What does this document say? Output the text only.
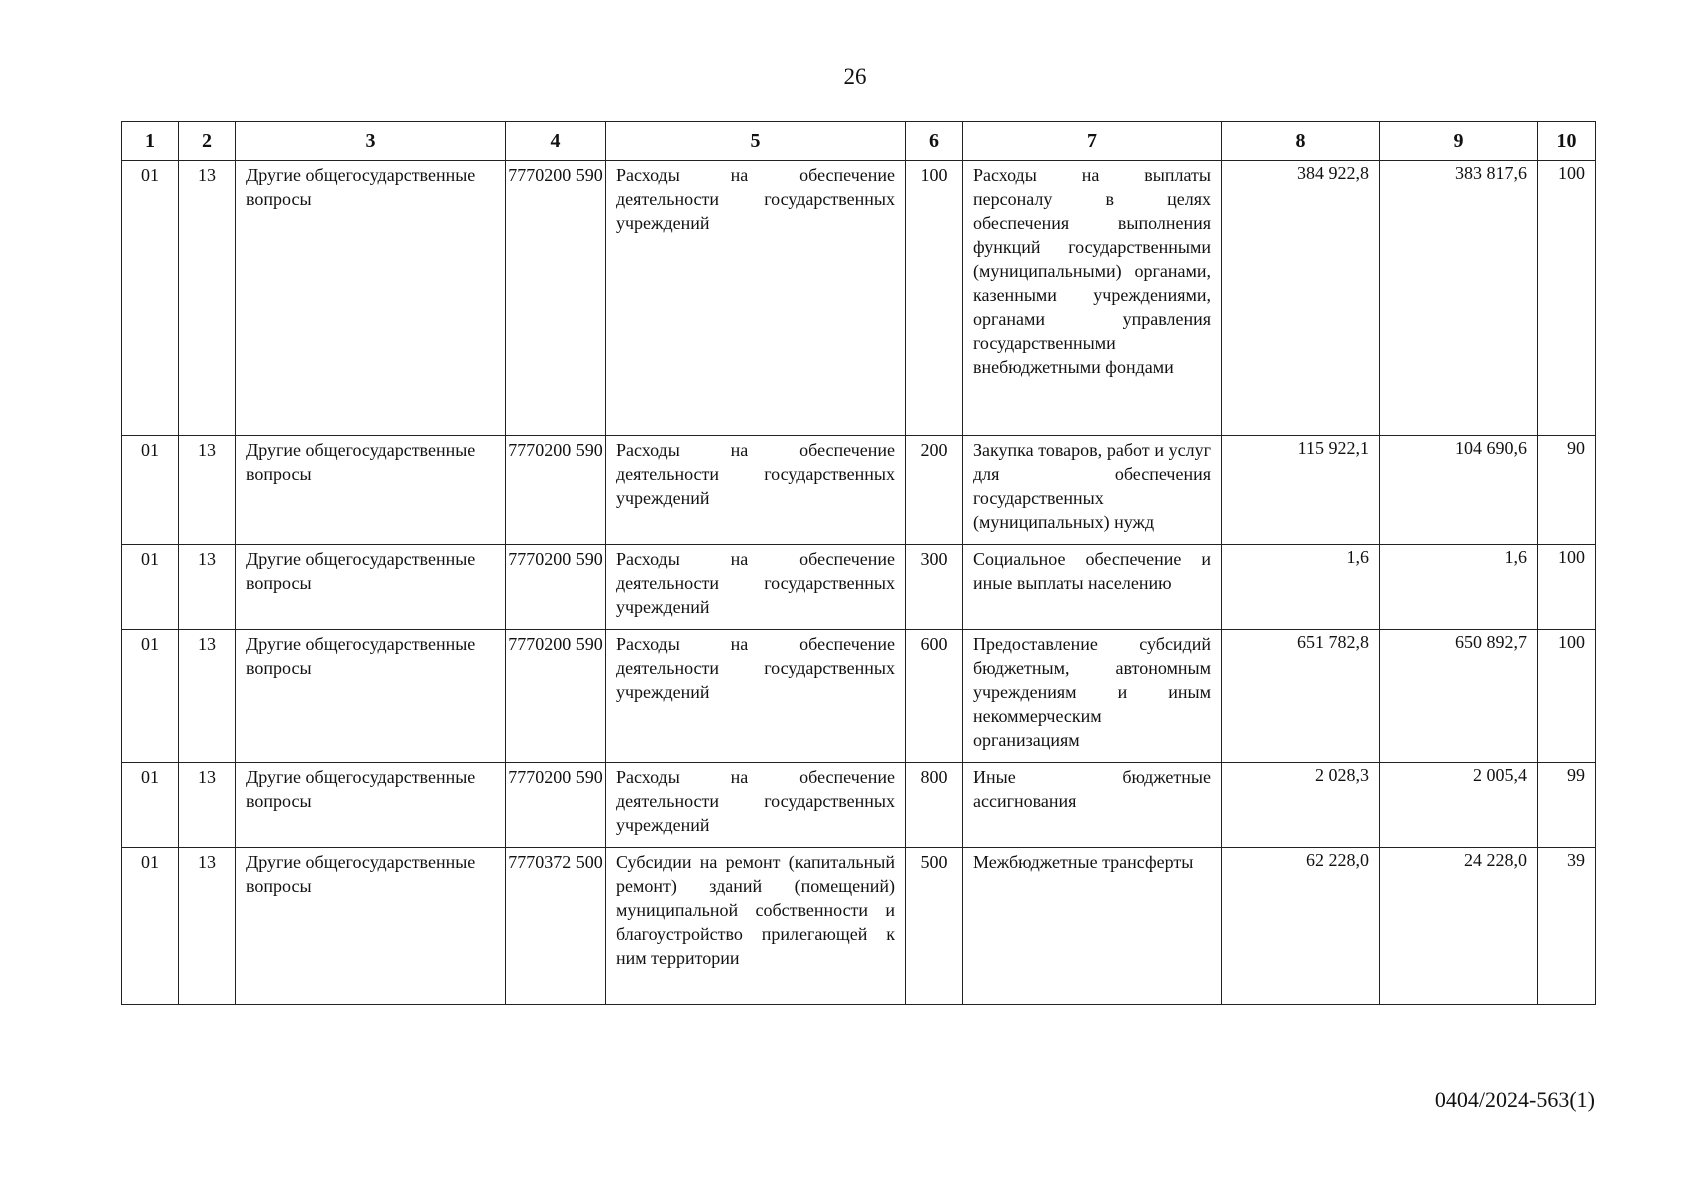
26
1	2	3	4	5	6	7	8	9	10

01	13	Другие общегосударственные вопросы	7770200 590	Расходы на обеспечение деятельности государственных учреждений	100	Расходы на выплаты персоналу в целях обеспечения выполнения функций государственными (муниципальными) органами, казенными учреждениями, органами управления государственными внебюджетными фондами	384 922,8	383 817,6	100

01	13	Другие общегосударственные вопросы	7770200 590	Расходы на обеспечение деятельности государственных учреждений	200	Закупка товаров, работ и услуг для обеспечения государственных (муниципальных) нужд	115 922,1	104 690,6	90

01	13	Другие общегосударственные вопросы	7770200 590	Расходы на обеспечение деятельности государственных учреждений	300	Социальное обеспечение и иные выплаты населению	1,6	1,6	100

01	13	Другие общегосударственные вопросы	7770200 590	Расходы на обеспечение деятельности государственных учреждений	600	Предоставление субсидий бюджетным, автономным учреждениям и иным некоммерческим организациям	651 782,8	650 892,7	100

01	13	Другие общегосударственные вопросы	7770200 590	Расходы на обеспечение деятельности государственных учреждений	800	Иные бюджетные ассигнования	2 028,3	2 005,4	99

01	13	Другие общегосударственные вопросы	7770372 500	Субсидии на ремонт (капитальный ремонт) зданий (помещений) муниципальной собственности и благоустройство прилегающей к ним территории	500	Межбюджетные трансферты	62 228,0	24 228,0	39
0404/2024-563(1)
